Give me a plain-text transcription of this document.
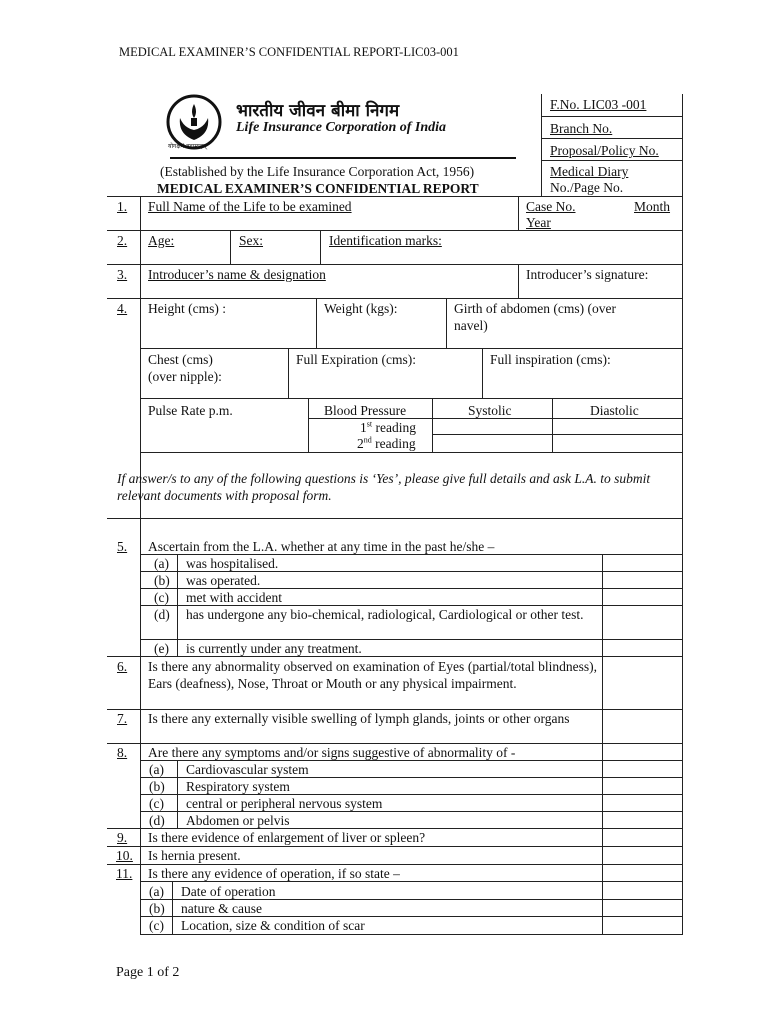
MEDICAL EXAMINER’S CONFIDENTIAL REPORT-LIC03-001
भारतीय जीवन बीमा निगम
Life Insurance Corporation of India
योगक्षेमं वहाम्यहम्
(Established by the Life Insurance Corporation Act, 1956)
MEDICAL EXAMINER’S CONFIDENTIAL REPORT
F.No. LIC03 -001
Branch No.
Proposal/Policy No.
Medical Diary
No./Page No.
1. Full Name of the Life to be examined	Case No.	Month
Year
2. Age:	Sex:	Identification marks:
3. Introducer’s name & designation	Introducer’s signature:
4. Height (cms) :	Weight (kgs):	Girth of abdomen (cms) (over
navel)
Chest (cms)
(over nipple):
Full Expiration (cms):	Full inspiration (cms):
Pulse Rate p.m.	Blood Pressure	Systolic	Diastolic
1st reading
2nd reading
If answer/s to any of the following questions is ‘Yes’, please give full details and ask L.A. to submit relevant documents with proposal form.
5. Ascertain from the L.A. whether at any time in the past he/she –
(a) was hospitalised.
(b) was operated.
(c) met with accident
(d) has undergone any bio-chemical, radiological, Cardiological or other test.
(e) is currently under any treatment.
6. Is there any abnormality observed on examination of Eyes (partial/total blindness), Ears (deafness), Nose, Throat or Mouth or any physical impairment.
7. Is there any externally visible swelling of lymph glands, joints or other organs
8. Are there any symptoms and/or signs suggestive of abnormality of -
(a) Cardiovascular system
(b) Respiratory system
(c) central or peripheral nervous system
(d) Abdomen or pelvis
9. Is there evidence of enlargement of liver or spleen?
10. Is hernia present.
11. Is there any evidence of operation, if so state –
(a) Date of operation
(b) nature & cause
(c) Location, size & condition of scar
Page 1 of 2
